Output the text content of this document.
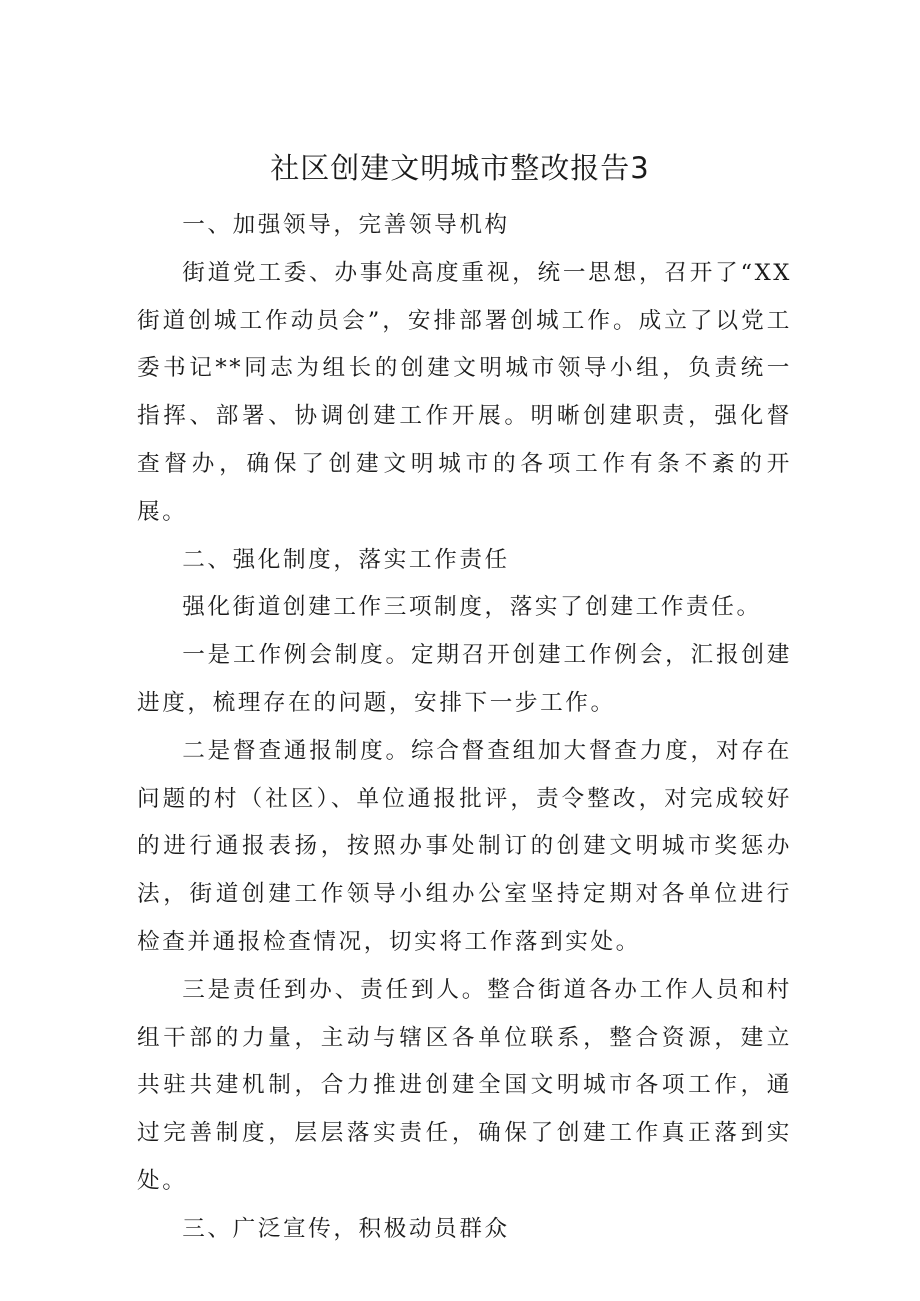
社区创建文明城市整改报告3

一、加强领导，完善领导机构

街道党工委、办事处高度重视，统一思想，召开了“XX街道创城工作动员会”，安排部署创城工作。成立了以党工委书记**同志为组长的创建文明城市领导小组，负责统一指挥、部署、协调创建工作开展。明晰创建职责，强化督查督办，确保了创建文明城市的各项工作有条不紊的开展。

二、强化制度，落实工作责任

强化街道创建工作三项制度，落实了创建工作责任。

一是工作例会制度。定期召开创建工作例会，汇报创建进度，梳理存在的问题，安排下一步工作。

二是督查通报制度。综合督查组加大督查力度，对存在问题的村（社区）、单位通报批评，责令整改，对完成较好的进行通报表扬，按照办事处制订的创建文明城市奖惩办法，街道创建工作领导小组办公室坚持定期对各单位进行检查并通报检查情况，切实将工作落到实处。

三是责任到办、责任到人。整合街道各办工作人员和村组干部的力量，主动与辖区各单位联系，整合资源，建立共驻共建机制，合力推进创建全国文明城市各项工作，通过完善制度，层层落实责任，确保了创建工作真正落到实处。

三、广泛宣传，积极动员群众
